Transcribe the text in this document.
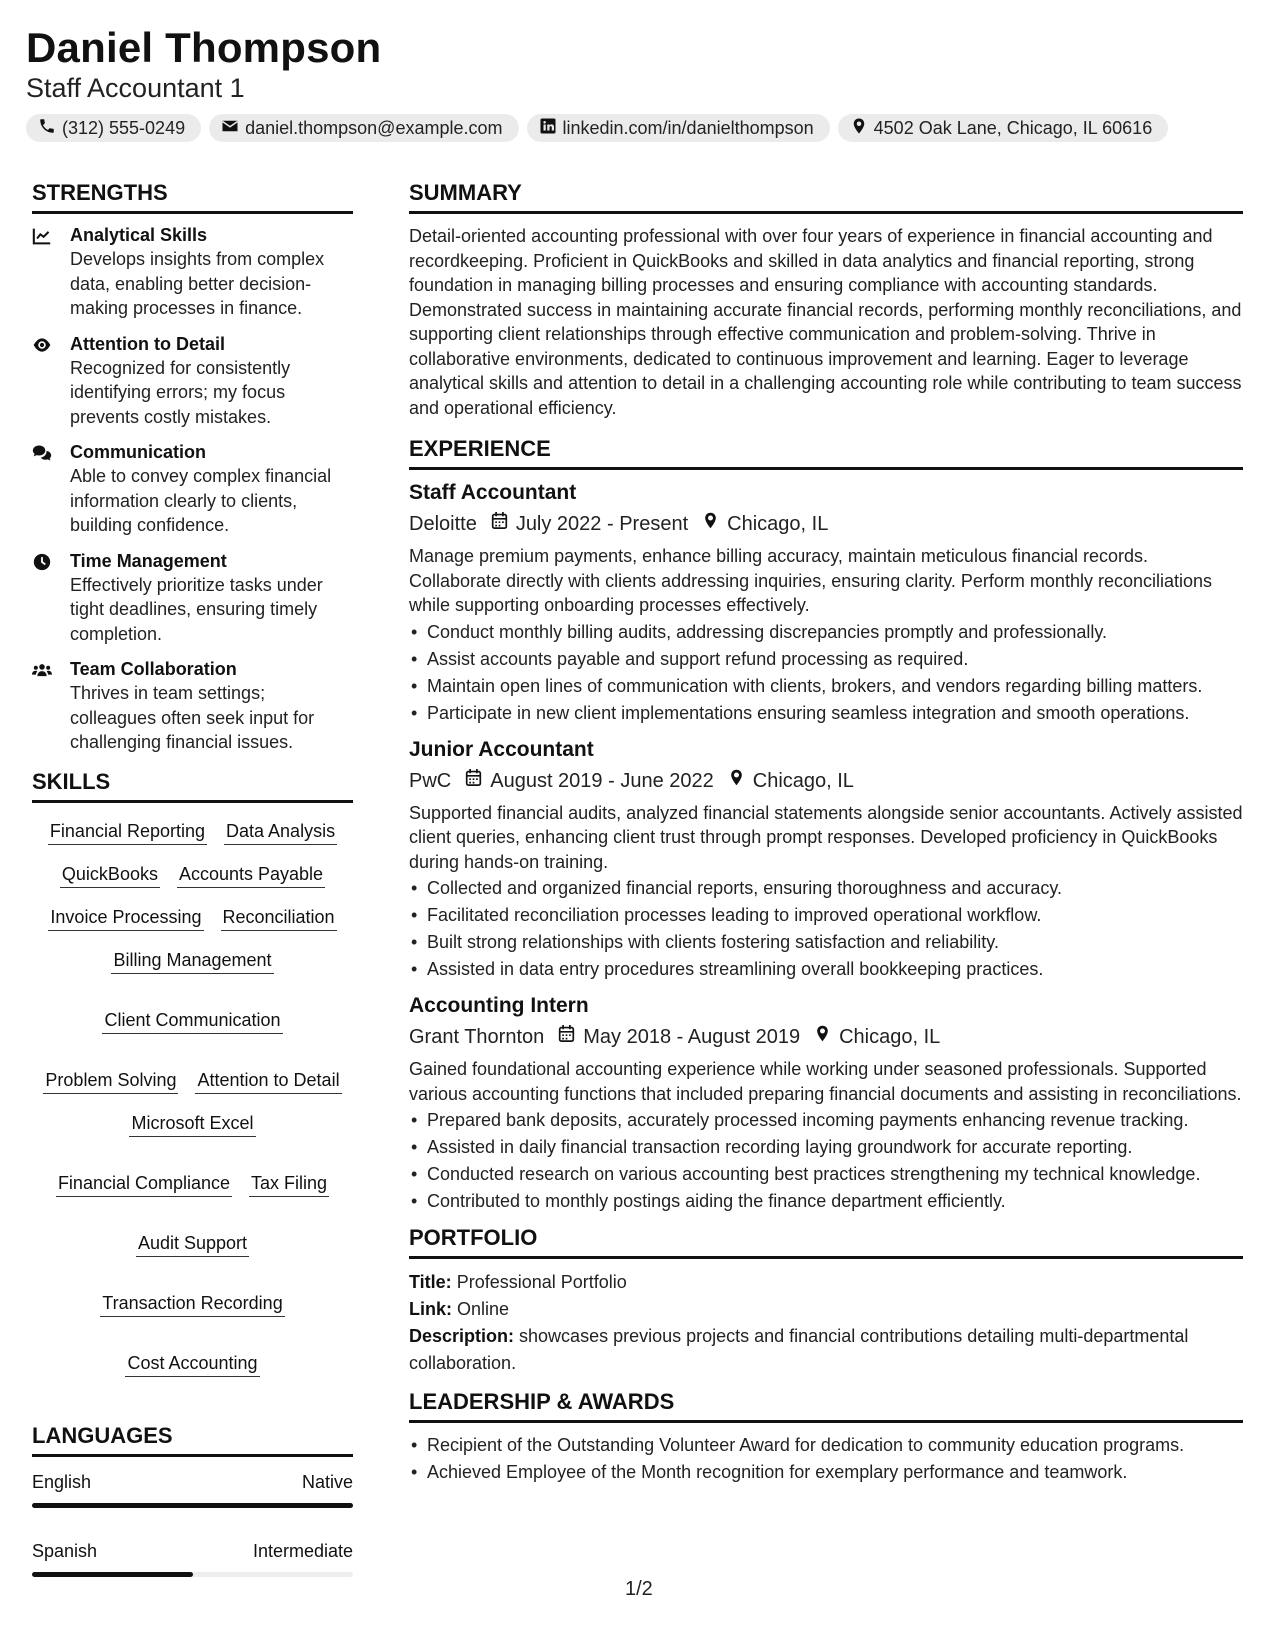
Daniel Thompson
Staff Accountant 1
(312) 555-0249	daniel.thompson@example.com	linkedin.com/in/danielthompson	4502 Oak Lane, Chicago, IL 60616
STRENGTHS
Analytical Skills
Develops insights from complex data, enabling better decision-making processes in finance.
Attention to Detail
Recognized for consistently identifying errors; my focus prevents costly mistakes.
Communication
Able to convey complex financial information clearly to clients, building confidence.
Time Management
Effectively prioritize tasks under tight deadlines, ensuring timely completion.
Team Collaboration
Thrives in team settings; colleagues often seek input for challenging financial issues.
SKILLS
Financial Reporting Data Analysis
QuickBooks Accounts Payable
Invoice Processing Reconciliation
Billing Management
Client Communication
Problem Solving Attention to Detail
Microsoft Excel
Financial Compliance Tax Filing
Audit Support
Transaction Recording
Cost Accounting
LANGUAGES
English	Native
Spanish	Intermediate
SUMMARY
Detail-oriented accounting professional with over four years of experience in financial accounting and recordkeeping. Proficient in QuickBooks and skilled in data analytics and financial reporting, strong foundation in managing billing processes and ensuring compliance with accounting standards. Demonstrated success in maintaining accurate financial records, performing monthly reconciliations, and supporting client relationships through effective communication and problem-solving. Thrive in collaborative environments, dedicated to continuous improvement and learning. Eager to leverage analytical skills and attention to detail in a challenging accounting role while contributing to team success and operational efficiency.
EXPERIENCE
Staff Accountant
Deloitte July 2022 - Present Chicago, IL
Manage premium payments, enhance billing accuracy, maintain meticulous financial records. Collaborate directly with clients addressing inquiries, ensuring clarity. Perform monthly reconciliations while supporting onboarding processes effectively.
• Conduct monthly billing audits, addressing discrepancies promptly and professionally.
• Assist accounts payable and support refund processing as required.
• Maintain open lines of communication with clients, brokers, and vendors regarding billing matters.
• Participate in new client implementations ensuring seamless integration and smooth operations.
Junior Accountant
PwC August 2019 - June 2022 Chicago, IL
Supported financial audits, analyzed financial statements alongside senior accountants. Actively assisted client queries, enhancing client trust through prompt responses. Developed proficiency in QuickBooks during hands-on training.
• Collected and organized financial reports, ensuring thoroughness and accuracy.
• Facilitated reconciliation processes leading to improved operational workflow.
• Built strong relationships with clients fostering satisfaction and reliability.
• Assisted in data entry procedures streamlining overall bookkeeping practices.
Accounting Intern
Grant Thornton May 2018 - August 2019 Chicago, IL
Gained foundational accounting experience while working under seasoned professionals. Supported various accounting functions that included preparing financial documents and assisting in reconciliations.
• Prepared bank deposits, accurately processed incoming payments enhancing revenue tracking.
• Assisted in daily financial transaction recording laying groundwork for accurate reporting.
• Conducted research on various accounting best practices strengthening my technical knowledge.
• Contributed to monthly postings aiding the finance department efficiently.
PORTFOLIO
Title: Professional Portfolio
Link: Online
Description: showcases previous projects and financial contributions detailing multi-departmental collaboration.
LEADERSHIP & AWARDS
• Recipient of the Outstanding Volunteer Award for dedication to community education programs.
• Achieved Employee of the Month recognition for exemplary performance and teamwork.
1/2
